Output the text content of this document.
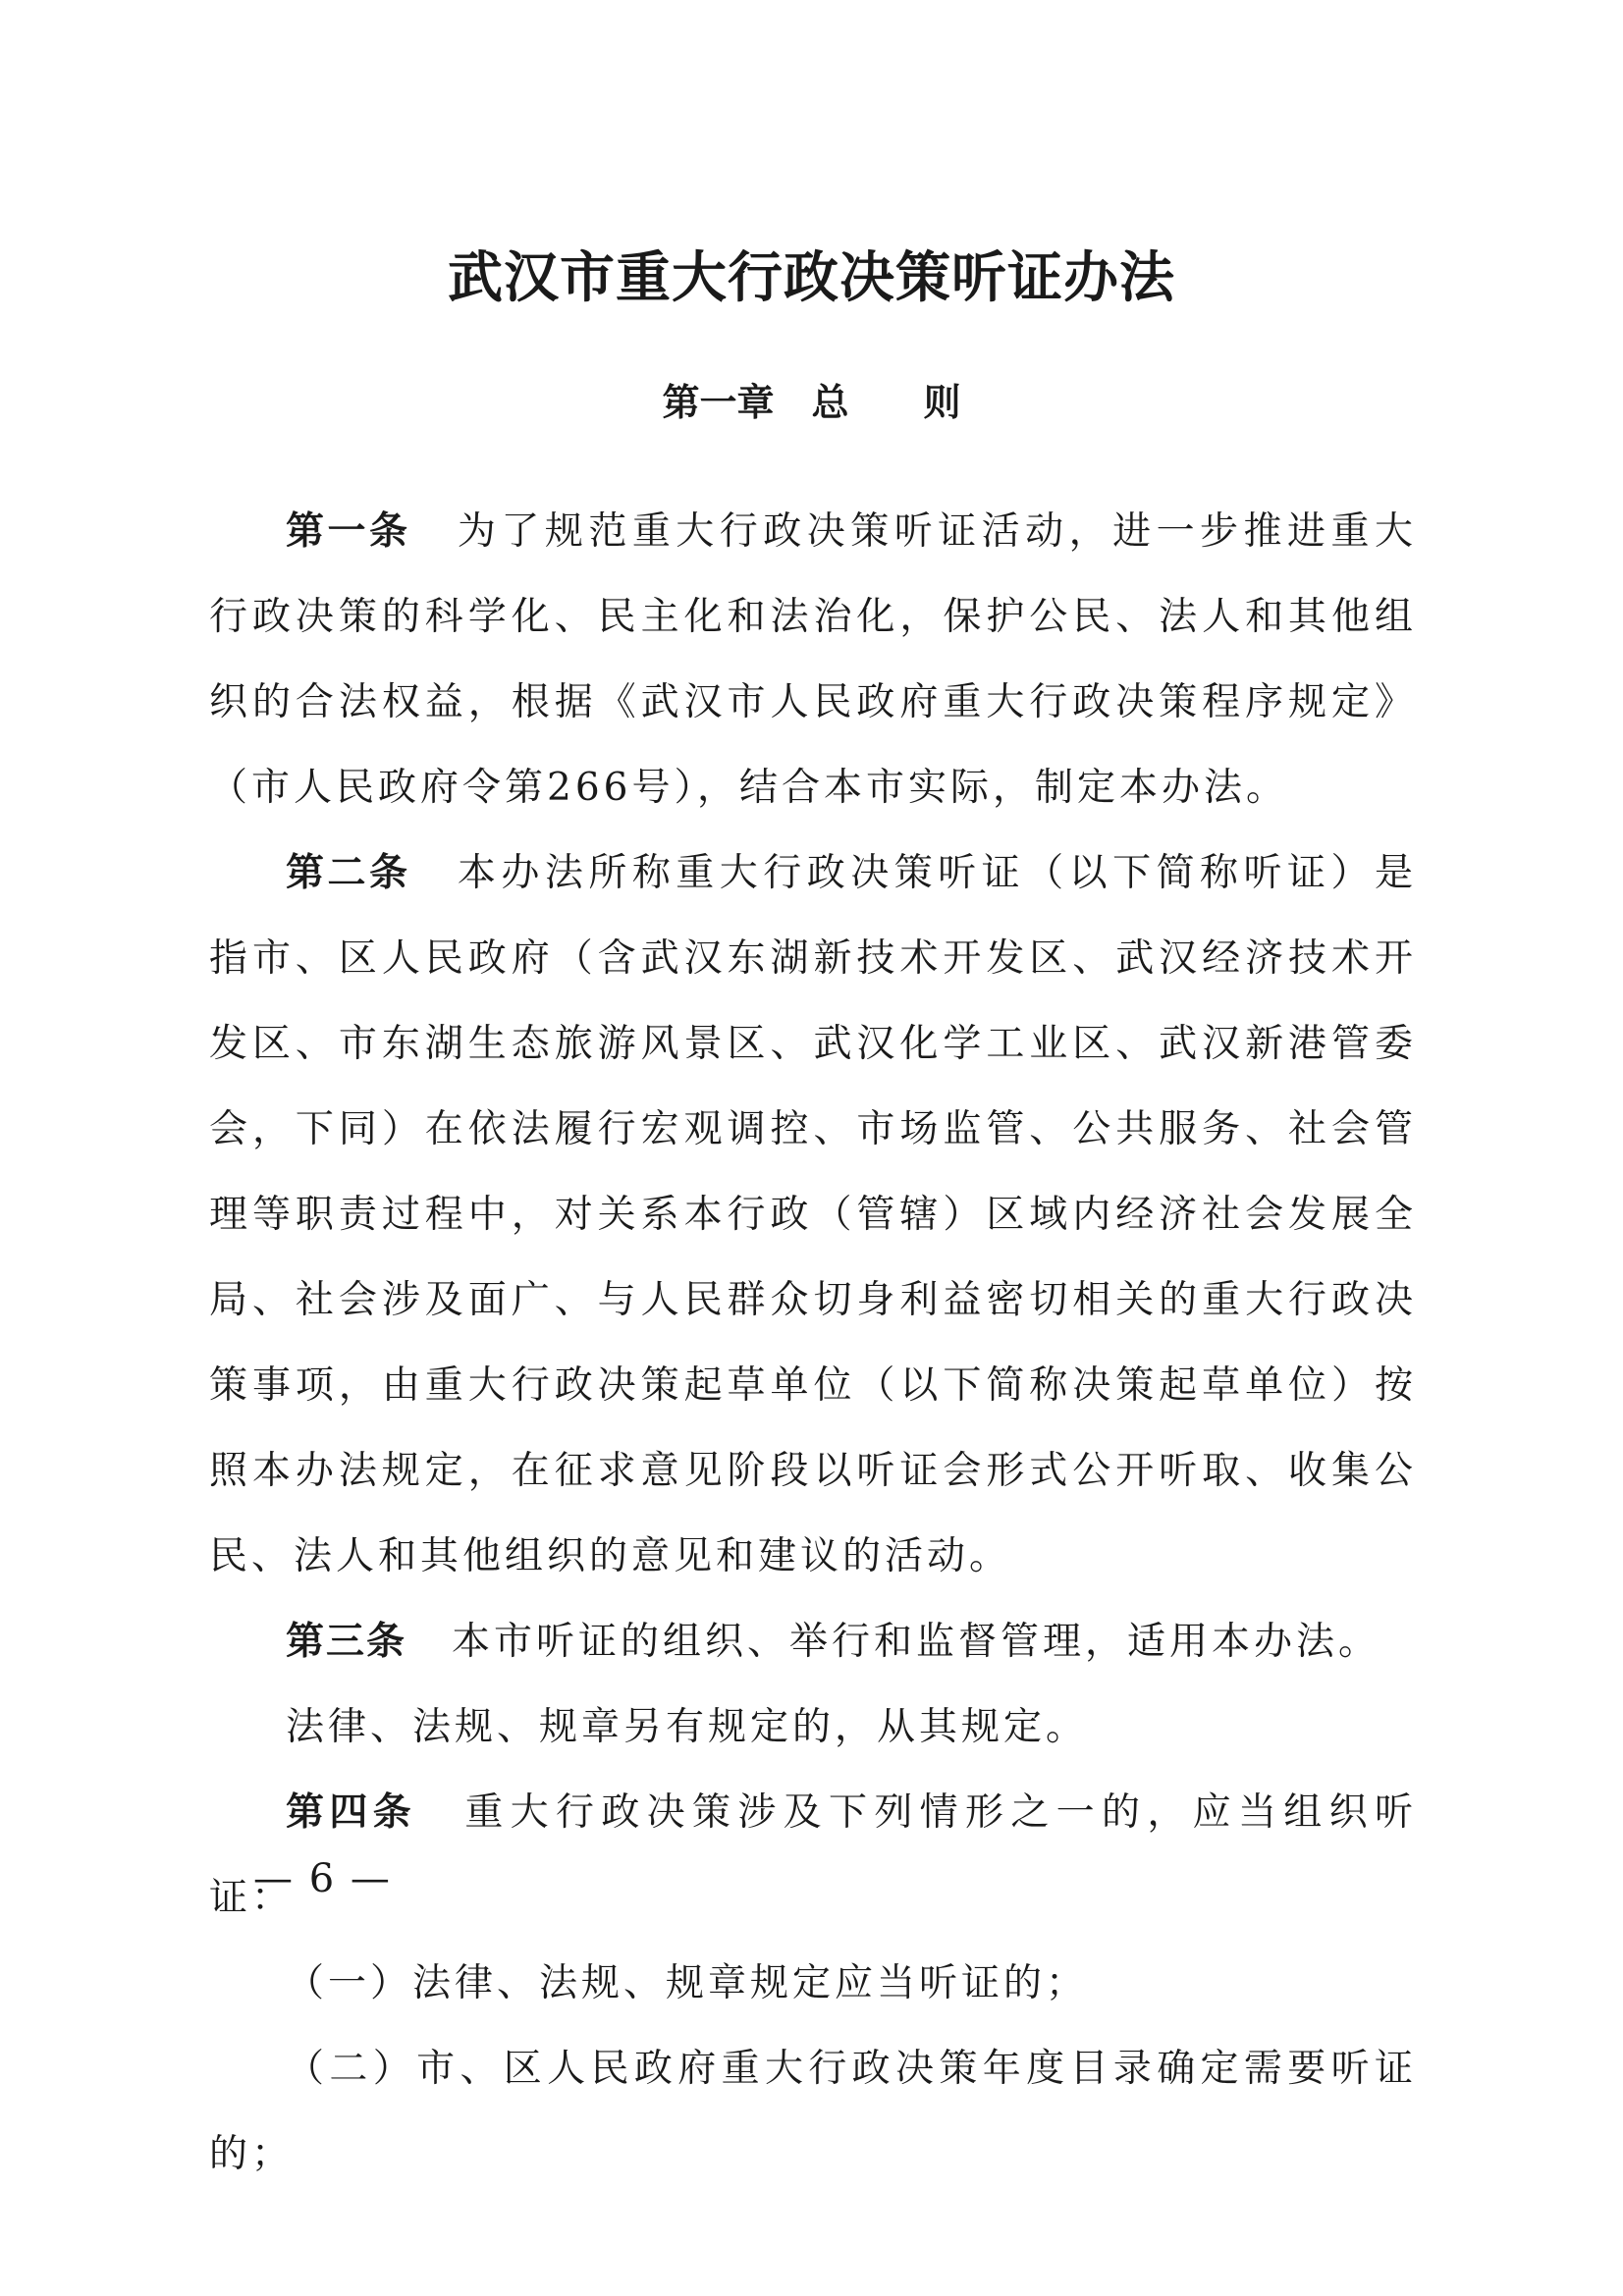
武汉市重大行政决策听证办法
第一章　总　　则

第一条 为了规范重大行政决策听证活动，进一步推进重大行政决策的科学化、民主化和法治化，保护公民、法人和其他组织的合法权益，根据《武汉市人民政府重大行政决策程序规定》（市人民政府令第266号），结合本市实际，制定本办法。

第二条 本办法所称重大行政决策听证（以下简称听证）是指市、区人民政府（含武汉东湖新技术开发区、武汉经济技术开发区、市东湖生态旅游风景区、武汉化学工业区、武汉新港管委会，下同）在依法履行宏观调控、市场监管、公共服务、社会管理等职责过程中，对关系本行政（管辖）区域内经济社会发展全局、社会涉及面广、与人民群众切身利益密切相关的重大行政决策事项，由重大行政决策起草单位（以下简称决策起草单位）按照本办法规定，在征求意见阶段以听证会形式公开听取、收集公民、法人和其他组织的意见和建议的活动。

第三条 本市听证的组织、举行和监督管理，适用本办法。

法律、法规、规章另有规定的，从其规定。

第四条 重大行政决策涉及下列情形之一的，应当组织听证：

（一）法律、法规、规章规定应当听证的；

（二）市、区人民政府重大行政决策年度目录确定需要听证的；

— 6 —
